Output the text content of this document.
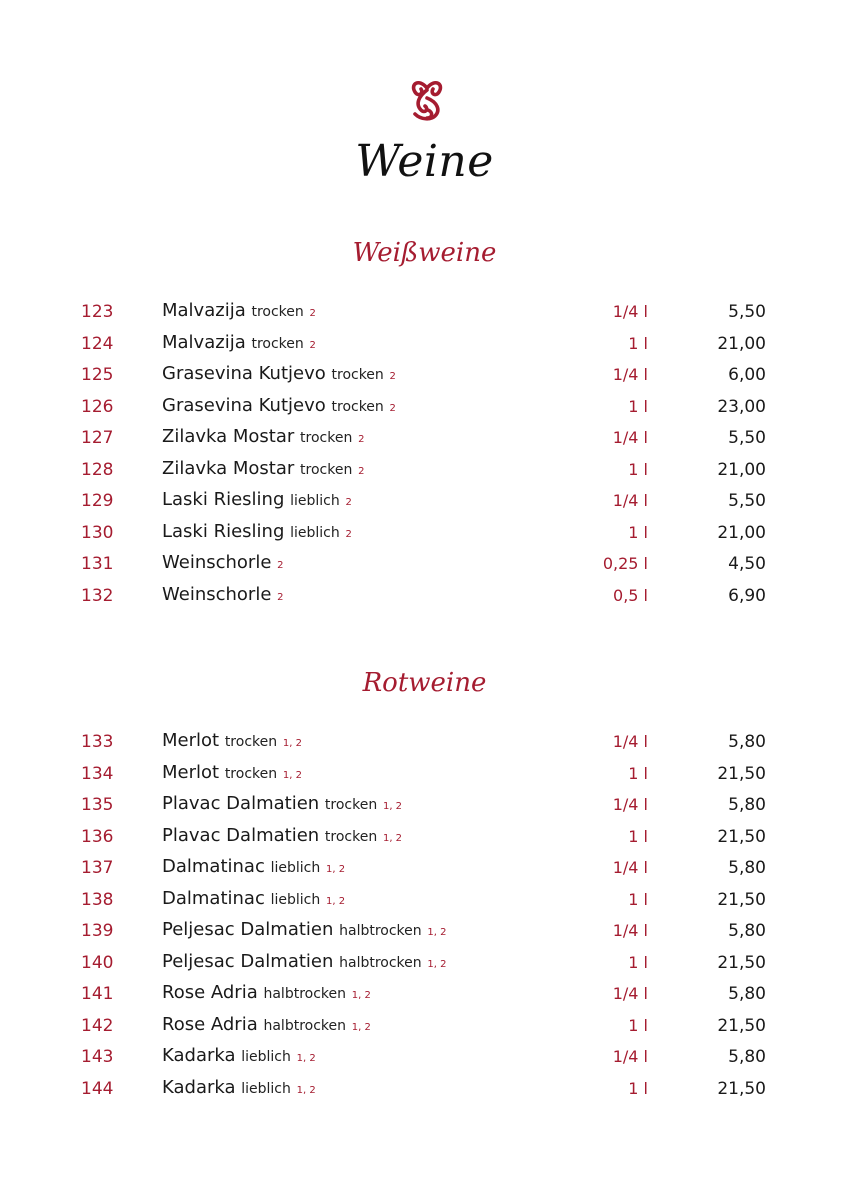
Weine
Weißweine
123	Malvazija trocken 2	1/4 l	5,50
124	Malvazija trocken 2	1 l	21,00
125	Grasevina Kutjevo trocken 2	1/4 l	6,00
126	Grasevina Kutjevo trocken 2	1 l	23,00
127	Zilavka Mostar trocken 2	1/4 l	5,50
128	Zilavka Mostar trocken 2	1 l	21,00
129	Laski Riesling lieblich 2	1/4 l	5,50
130	Laski Riesling lieblich 2	1 l	21,00
131	Weinschorle 2	0,25 l	4,50
132	Weinschorle 2	0,5 l	6,90
Rotweine
133	Merlot trocken 1, 2	1/4 l	5,80
134	Merlot trocken 1, 2	1 l	21,50
135	Plavac Dalmatien trocken 1, 2	1/4 l	5,80
136	Plavac Dalmatien trocken 1, 2	1 l	21,50
137	Dalmatinac lieblich 1, 2	1/4 l	5,80
138	Dalmatinac lieblich 1, 2	1 l	21,50
139	Peljesac Dalmatien halbtrocken 1, 2	1/4 l	5,80
140	Peljesac Dalmatien halbtrocken 1, 2	1 l	21,50
141	Rose Adria halbtrocken 1, 2	1/4 l	5,80
142	Rose Adria halbtrocken 1, 2	1 l	21,50
143	Kadarka lieblich 1, 2	1/4 l	5,80
144	Kadarka lieblich 1, 2	1 l	21,50
